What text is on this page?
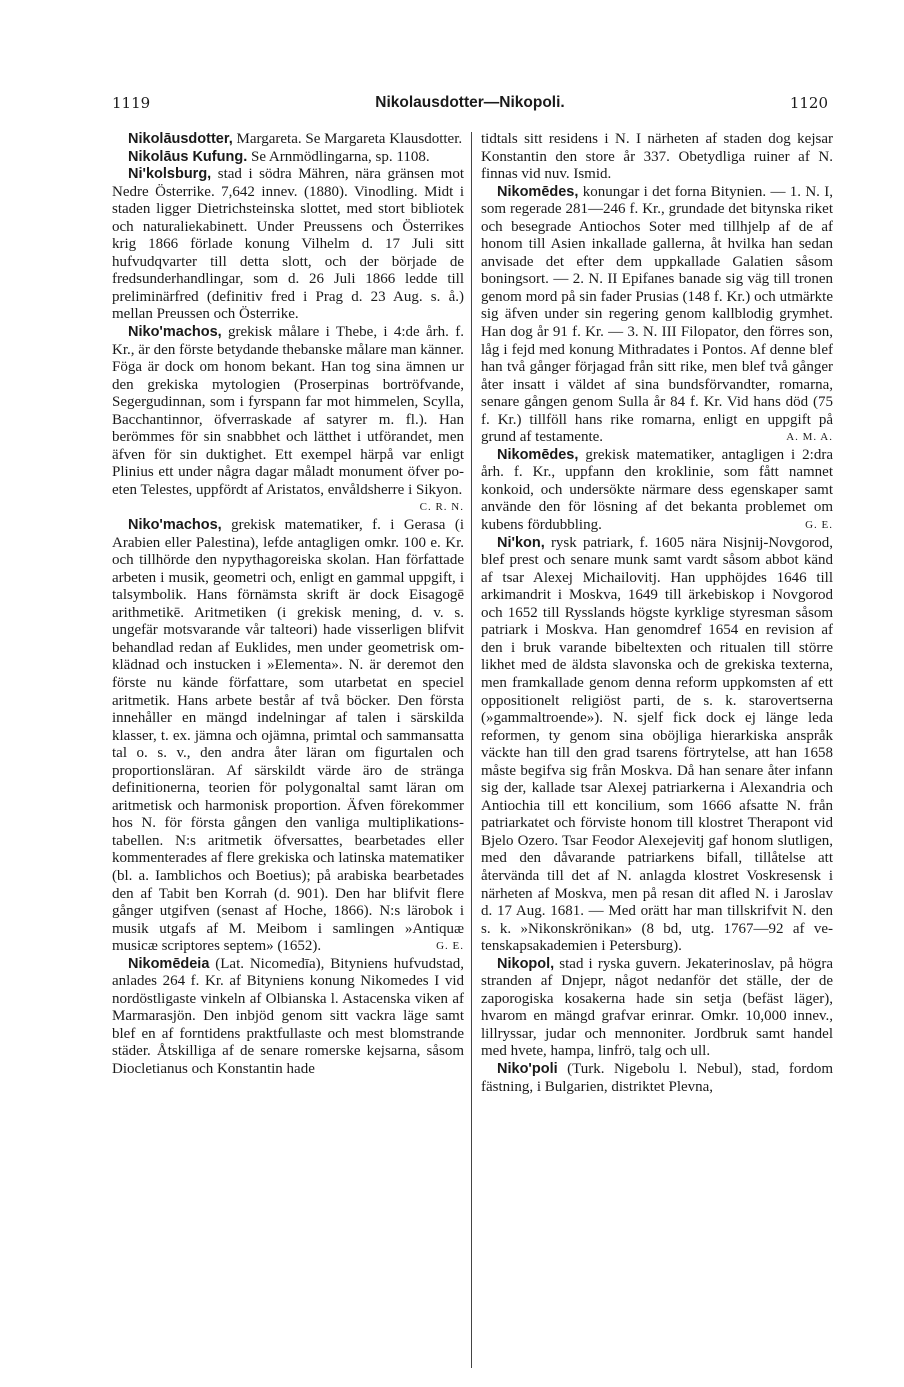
1119	Nikolausdotter—Nikopoli.	1120

Nikolāusdotter, Margareta. Se Margareta Klausdotter.

Nikolāus Kufung. Se Arnmödlingarna, sp. 1108.

Ni'kolsburg, stad i södra Mähren, nära gränsen mot Nedre Österrike. 7,642 innev. (1880). Vinodling. Midt i staden ligger Dietrichsteinska slottet, med stort bibliotek och naturaliekabinett. Under Preussens och Österrikes krig 1866 förlade konung Vilhelm d. 17 Juli sitt hufvudqvarter till detta slott, och der började de fredsunderhandlingar, som d. 26 Juli 1866 ledde till preliminärfred (definitiv fred i Prag d. 23 Aug. s. å.) mellan Preussen och Österrike.

Niko'machos, grekisk målare i Thebe, i 4:de årh. f. Kr., är den förste betydande thebanske målare man känner. Föga är dock om honom bekant. Han tog sina ämnen ur den grekiska mytologien (Proserpinas bortröfvande, Segergudinnan, som i fyrspann far mot himmelen, Scylla, Bacchantinnor, öfverraskade af satyrer m. fl.). Han berömmes för sin snabbhet och lätthet i utförandet, men äfven för sin duktighet. Ett exempel härpå var enligt Plinius ett under några dagar måladt monument öfver poeten Telestes, uppfördt af Aristatos, envåldsherre i Sikyon.
C. R. N.

Niko'machos, grekisk matematiker, f. i Gerasa (i Arabien eller Palestina), lefde antagligen omkr. 100 e. Kr. och tillhörde den nypythagoreiska skolan. Han författade arbeten i musik, geometri och, enligt en gammal uppgift, i talsymbolik. Hans förnämsta skrift är dock Eisagogē arithmetikē. Aritmetiken (i grekisk mening, d. v. s. ungefär motsvarande vår talteori) hade visserligen blifvit behandlad redan af Euklides, men under geometrisk omklädnad och instucken i »Elementa». N. är deremot den förste nu kände författare, som utarbetat en speciel aritmetik. Hans arbete består af två böcker. Den första innehåller en mängd indelningar af talen i särskilda klasser, t. ex. jämna och ojämna, primtal och sammansatta tal o. s. v., den andra åter läran om figurtalen och proportionsläran. Af särskildt värde äro de stränga definitionerna, teorien för polygonaltal samt läran om aritmetisk och harmonisk proportion. Äfven förekommer hos N. för första gången den vanliga multiplikationstabellen. N:s aritmetik öfversattes, bearbetades eller kommenterades af flere grekiska och latinska matematiker (bl. a. Iamblichos och Boetius); på arabiska bearbetades den af Tabit ben Korrah (d. 901). Den har blifvit flere gånger utgifven (senast af Hoche, 1866). N:s lärobok i musik utgafs af M. Meibom i samlingen »Antiquæ musicæ scriptores septem» (1652).	G. E.

Nikomēdeia (Lat. Nicomedīa), Bityniens hufvudstad, anlades 264 f. Kr. af Bityniens konung Nikomedes I vid nordöstligaste vinkeln af Olbianska l. Astacenska viken af Marmarasjön. Den inbjöd genom sitt vackra läge samt blef en af forntidens praktfullaste och mest blomstrande städer. Åtskilliga af de senare romerske kejsarna, såsom Diocletianus och Konstantin hade

tidtals sitt residens i N. I närheten af staden dog kejsar Konstantin den store år 337. Obetydliga ruiner af N. finnas vid nuv. Ismid.

Nikomēdes, konungar i det forna Bitynien. — 1. N. I, som regerade 281—246 f. Kr., grundade det bitynska riket och besegrade Antiochos Soter med tillhjelp af de af honom till Asien inkallade gallerna, åt hvilka han sedan anvisade det efter dem uppkallade Galatien såsom boningsort. — 2. N. II Epifanes banade sig väg till tronen genom mord på sin fader Prusias (148 f. Kr.) och utmärkte sig äfven under sin regering genom kallblodig grymhet. Han dog år 91 f. Kr. — 3. N. III Filopator, den förres son, låg i fejd med konung Mithradates i Pontos. Af denne blef han två gånger förjagad från sitt rike, men blef två gånger åter insatt i väldet af sina bundsförvandter, romarna, senare gången genom Sulla år 84 f. Kr. Vid hans död (75 f. Kr.) tillföll hans rike romarna, enligt en uppgift på grund af testamente.	A. M. A.

Nikomēdes, grekisk matematiker, antagligen i 2:dra årh. f. Kr., uppfann den kroklinie, som fått namnet konkoid, och undersökte närmare dess egenskaper samt använde den för lösning af det bekanta problemet om kubens fördubbling.	G. E.

Ni'kon, rysk patriark, f. 1605 nära Nisjnij-Novgorod, blef prest och senare munk samt vardt såsom abbot känd af tsar Alexej Michailovitj. Han upphöjdes 1646 till arkimandrit i Moskva, 1649 till ärkebiskop i Novgorod och 1652 till Rysslands högste kyrklige styresman såsom patriark i Moskva. Han genomdref 1654 en revision af den i bruk varande bibeltexten och ritualen till större likhet med de äldsta slavonska och de grekiska texterna, men framkallade genom denna reform uppkomsten af ett oppositionelt religiöst parti, de s. k. starovertserna (»gammaltroende»). N. sjelf fick dock ej länge leda reformen, ty genom sina oböjliga hierarkiska anspråk väckte han till den grad tsarens förtrytelse, att han 1658 måste begifva sig från Moskva. Då han senare åter infann sig der, kallade tsar Alexej patriarkerna i Alexandria och Antiochia till ett koncilium, som 1666 afsatte N. från patriarkatet och förviste honom till klostret Therapont vid Bjelo Ozero. Tsar Feodor Alexejevitj gaf honom slutligen, med den dåvarande patriarkens bifall, tillåtelse att återvända till det af N. anlagda klostret Voskresensk i närheten af Moskva, men på resan dit afled N. i Jaroslav d. 17 Aug. 1681. — Med orätt har man tillskrifvit N. den s. k. »Nikonskrönikan» (8 bd, utg. 1767—92 af vetenskapsakademien i Petersburg).

Nikopol, stad i ryska guvern. Jekaterinoslav, på högra stranden af Dnjepr, något nedanför det ställe, der de zaporogiska kosakerna hade sin setja (befäst läger), hvarom en mängd grafvar erinrar. Omkr. 10,000 innev., lillryssar, judar och mennoniter. Jordbruk samt handel med hvete, hampa, linfrö, talg och ull.

Niko'poli (Turk. Nigebolu l. Nebul), stad, fordom fästning, i Bulgarien, distriktet Plevna,
